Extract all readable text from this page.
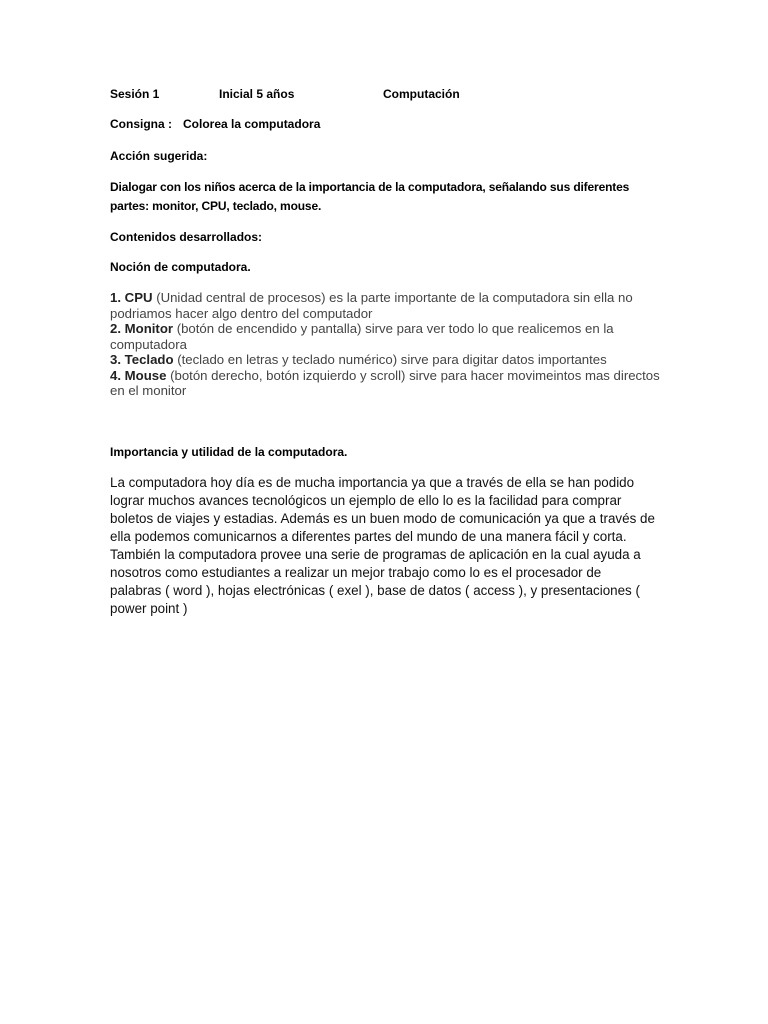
Sesión 1	Inicial 5 años	Computación
Consigna : Colorea la computadora
Acción sugerida:
Dialogar con los niños acerca de la importancia de la computadora, señalando sus diferentes partes: monitor, CPU, teclado, mouse.
Contenidos desarrollados:
Noción de computadora.
1. CPU (Unidad central de procesos) es la parte importante de la computadora sin ella no podriamos hacer algo dentro del computador
2. Monitor (botón de encendido y pantalla) sirve para ver todo lo que realicemos en la computadora
3. Teclado (teclado en letras y teclado numérico) sirve para digitar datos importantes
4. Mouse (botón derecho, botón izquierdo y scroll) sirve para hacer movimeintos mas directos en el monitor
Importancia y utilidad de la computadora.
La computadora hoy día es de mucha importancia ya que a través de ella se han podido lograr muchos avances tecnológicos un ejemplo de ello lo es la facilidad para comprar boletos de viajes y estadias. Además es un buen modo de comunicación ya que a través de ella podemos comunicarnos a diferentes partes del mundo de una manera fácil y corta. También la computadora provee una serie de programas de aplicación en la cual ayuda a nosotros como estudiantes a realizar un mejor trabajo como lo es el procesador de palabras ( word ), hojas electrónicas ( exel ), base de datos ( access ), y presentaciones ( power point )
